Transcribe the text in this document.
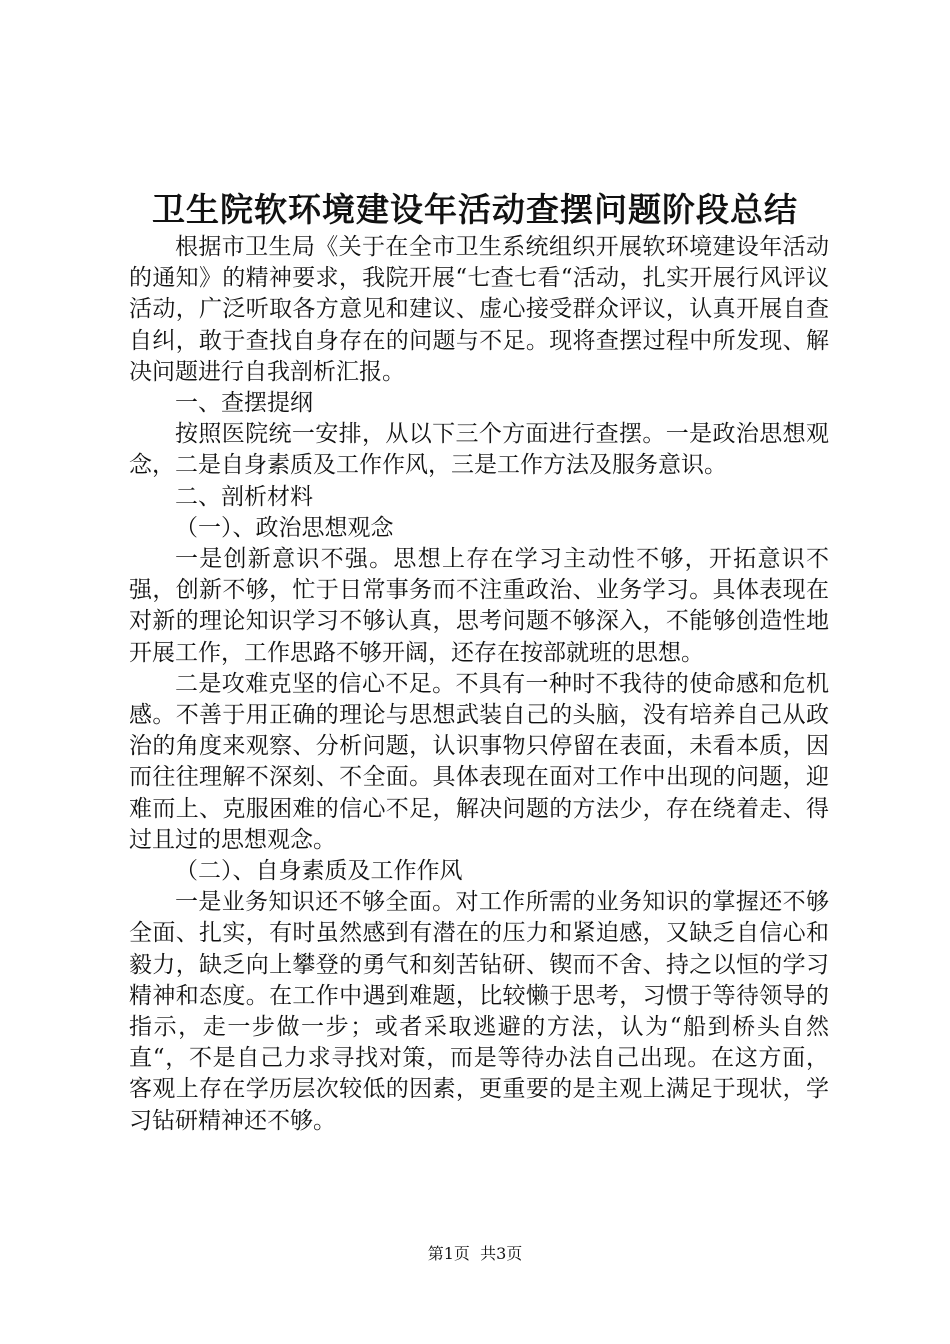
卫生院软环境建设年活动查摆问题阶段总结

根据市卫生局《关于在全市卫生系统组织开展软环境建设年活动的通知》的精神要求，我院开展“七查七看“活动，扎实开展行风评议活动，广泛听取各方意见和建议、虚心接受群众评议，认真开展自查自纠，敢于查找自身存在的问题与不足。现将查摆过程中所发现、解决问题进行自我剖析汇报。

一、查摆提纲

按照医院统一安排，从以下三个方面进行查摆。一是政治思想观念，二是自身素质及工作作风，三是工作方法及服务意识。

二、剖析材料

（一）、政治思想观念

一是创新意识不强。思想上存在学习主动性不够，开拓意识不强，创新不够，忙于日常事务而不注重政治、业务学习。具体表现在对新的理论知识学习不够认真，思考问题不够深入，不能够创造性地开展工作，工作思路不够开阔，还存在按部就班的思想。

二是攻难克坚的信心不足。不具有一种时不我待的使命感和危机感。不善于用正确的理论与思想武装自己的头脑，没有培养自己从政治的角度来观察、分析问题，认识事物只停留在表面，未看本质，因而往往理解不深刻、不全面。具体表现在面对工作中出现的问题，迎难而上、克服困难的信心不足，解决问题的方法少，存在绕着走、得过且过的思想观念。

（二）、自身素质及工作作风

一是业务知识还不够全面。对工作所需的业务知识的掌握还不够全面、扎实，有时虽然感到有潜在的压力和紧迫感，又缺乏自信心和毅力，缺乏向上攀登的勇气和刻苦钻研、锲而不舍、持之以恒的学习精神和态度。在工作中遇到难题，比较懒于思考，习惯于等待领导的指示，走一步做一步；或者采取逃避的方法，认为“船到桥头自然直“，不是自己力求寻找对策，而是等待办法自己出现。在这方面，客观上存在学历层次较低的因素，更重要的是主观上满足于现状，学习钻研精神还不够。

第1页  共3页
